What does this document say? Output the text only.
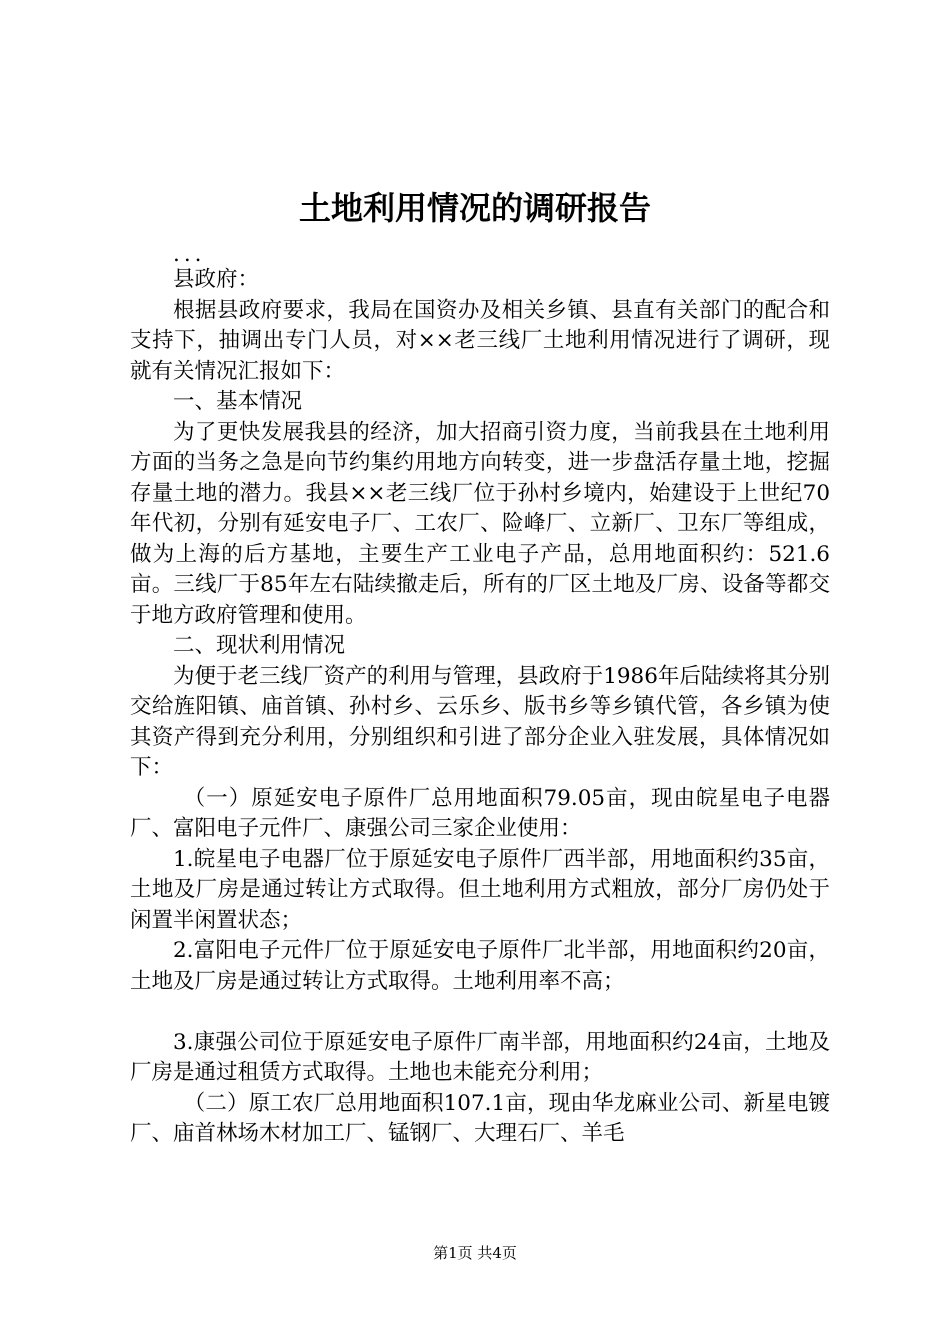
土地利用情况的调研报告

...

县政府：

根据县政府要求，我局在国资办及相关乡镇、县直有关部门的配合和支持下，抽调出专门人员，对××老三线厂土地利用情况进行了调研，现就有关情况汇报如下：

一、基本情况

为了更快发展我县的经济，加大招商引资力度，当前我县在土地利用方面的当务之急是向节约集约用地方向转变，进一步盘活存量土地，挖掘存量土地的潜力。我县××老三线厂位于孙村乡境内，始建设于上世纪70年代初，分别有延安电子厂、工农厂、险峰厂、立新厂、卫东厂等组成，做为上海的后方基地，主要生产工业电子产品，总用地面积约：521.6亩。三线厂于85年左右陆续撤走后，所有的厂区土地及厂房、设备等都交于地方政府管理和使用。

二、现状利用情况

为便于老三线厂资产的利用与管理，县政府于1986年后陆续将其分别交给旌阳镇、庙首镇、孙村乡、云乐乡、版书乡等乡镇代管，各乡镇为使其资产得到充分利用，分别组织和引进了部分企业入驻发展，具体情况如下：

（一）原延安电子原件厂总用地面积79.05亩，现由皖星电子电器厂、富阳电子元件厂、康强公司三家企业使用：

1.皖星电子电器厂位于原延安电子原件厂西半部，用地面积约35亩，土地及厂房是通过转让方式取得。但土地利用方式粗放，部分厂房仍处于闲置半闲置状态；

2.富阳电子元件厂位于原延安电子原件厂北半部，用地面积约20亩，土地及厂房是通过转让方式取得。土地利用率不高；

3.康强公司位于原延安电子原件厂南半部，用地面积约24亩，土地及厂房是通过租赁方式取得。土地也未能充分利用；

（二）原工农厂总用地面积107.1亩，现由华龙麻业公司、新星电镀厂、庙首林场木材加工厂、锰钢厂、大理石厂、羊毛

第1页 共4页
